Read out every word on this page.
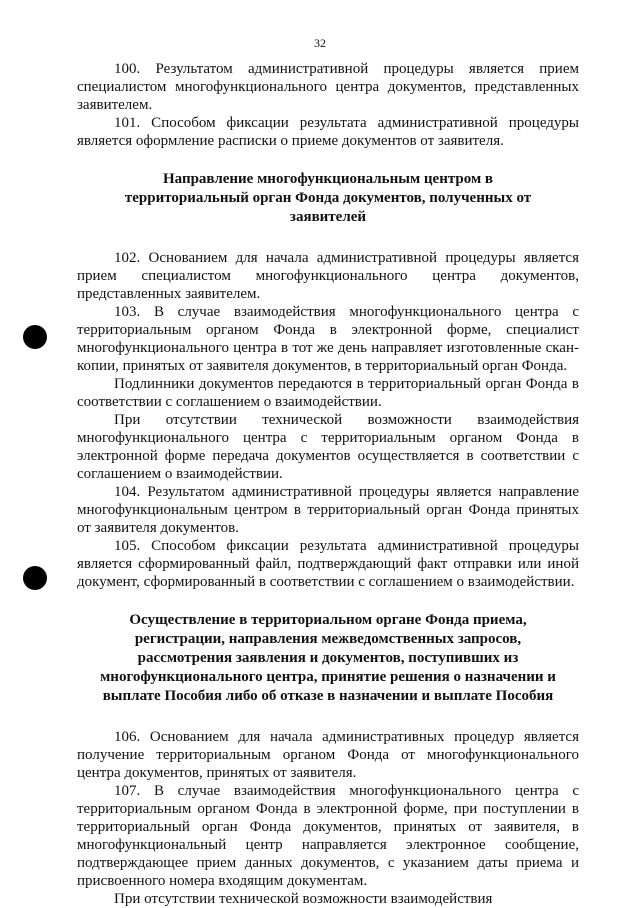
32

100. Результатом административной процедуры является прием специалистом многофункционального центра документов, представленных заявителем.

101. Способом фиксации результата административной процедуры является оформление расписки о приеме документов от заявителя.

Направление многофункциональным центром в территориальный орган Фонда документов, полученных от заявителей

102. Основанием для начала административной процедуры является прием специалистом многофункционального центра документов, представленных заявителем.

103. В случае взаимодействия многофункционального центра с территориальным органом Фонда в электронной форме, специалист многофункционального центра в тот же день направляет изготовленные скан-копии, принятых от заявителя документов, в территориальный орган Фонда.

Подлинники документов передаются в территориальный орган Фонда в соответствии с соглашением о взаимодействии.

При отсутствии технической возможности взаимодействия многофункционального центра с территориальным органом Фонда в электронной форме передача документов осуществляется в соответствии с соглашением о взаимодействии.

104. Результатом административной процедуры является направление многофункциональным центром в территориальный орган Фонда принятых от заявителя документов.

105. Способом фиксации результата административной процедуры является сформированный файл, подтверждающий факт отправки или иной документ, сформированный в соответствии с соглашением о взаимодействии.

Осуществление в территориальном органе Фонда приема, регистрации, направления межведомственных запросов, рассмотрения заявления и документов, поступивших из многофункционального центра, принятие решения о назначении и выплате Пособия либо об отказе в назначении и выплате Пособия

106. Основанием для начала административных процедур является получение территориальным органом Фонда от многофункционального центра документов, принятых от заявителя.

107. В случае взаимодействия многофункционального центра с территориальным органом Фонда в электронной форме, при поступлении в территориальный орган Фонда документов, принятых от заявителя, в многофункциональный центр направляется электронное сообщение, подтверждающее прием данных документов, с указанием даты приема и присвоенного номера входящим документам.

При отсутствии технической возможности взаимодействия
